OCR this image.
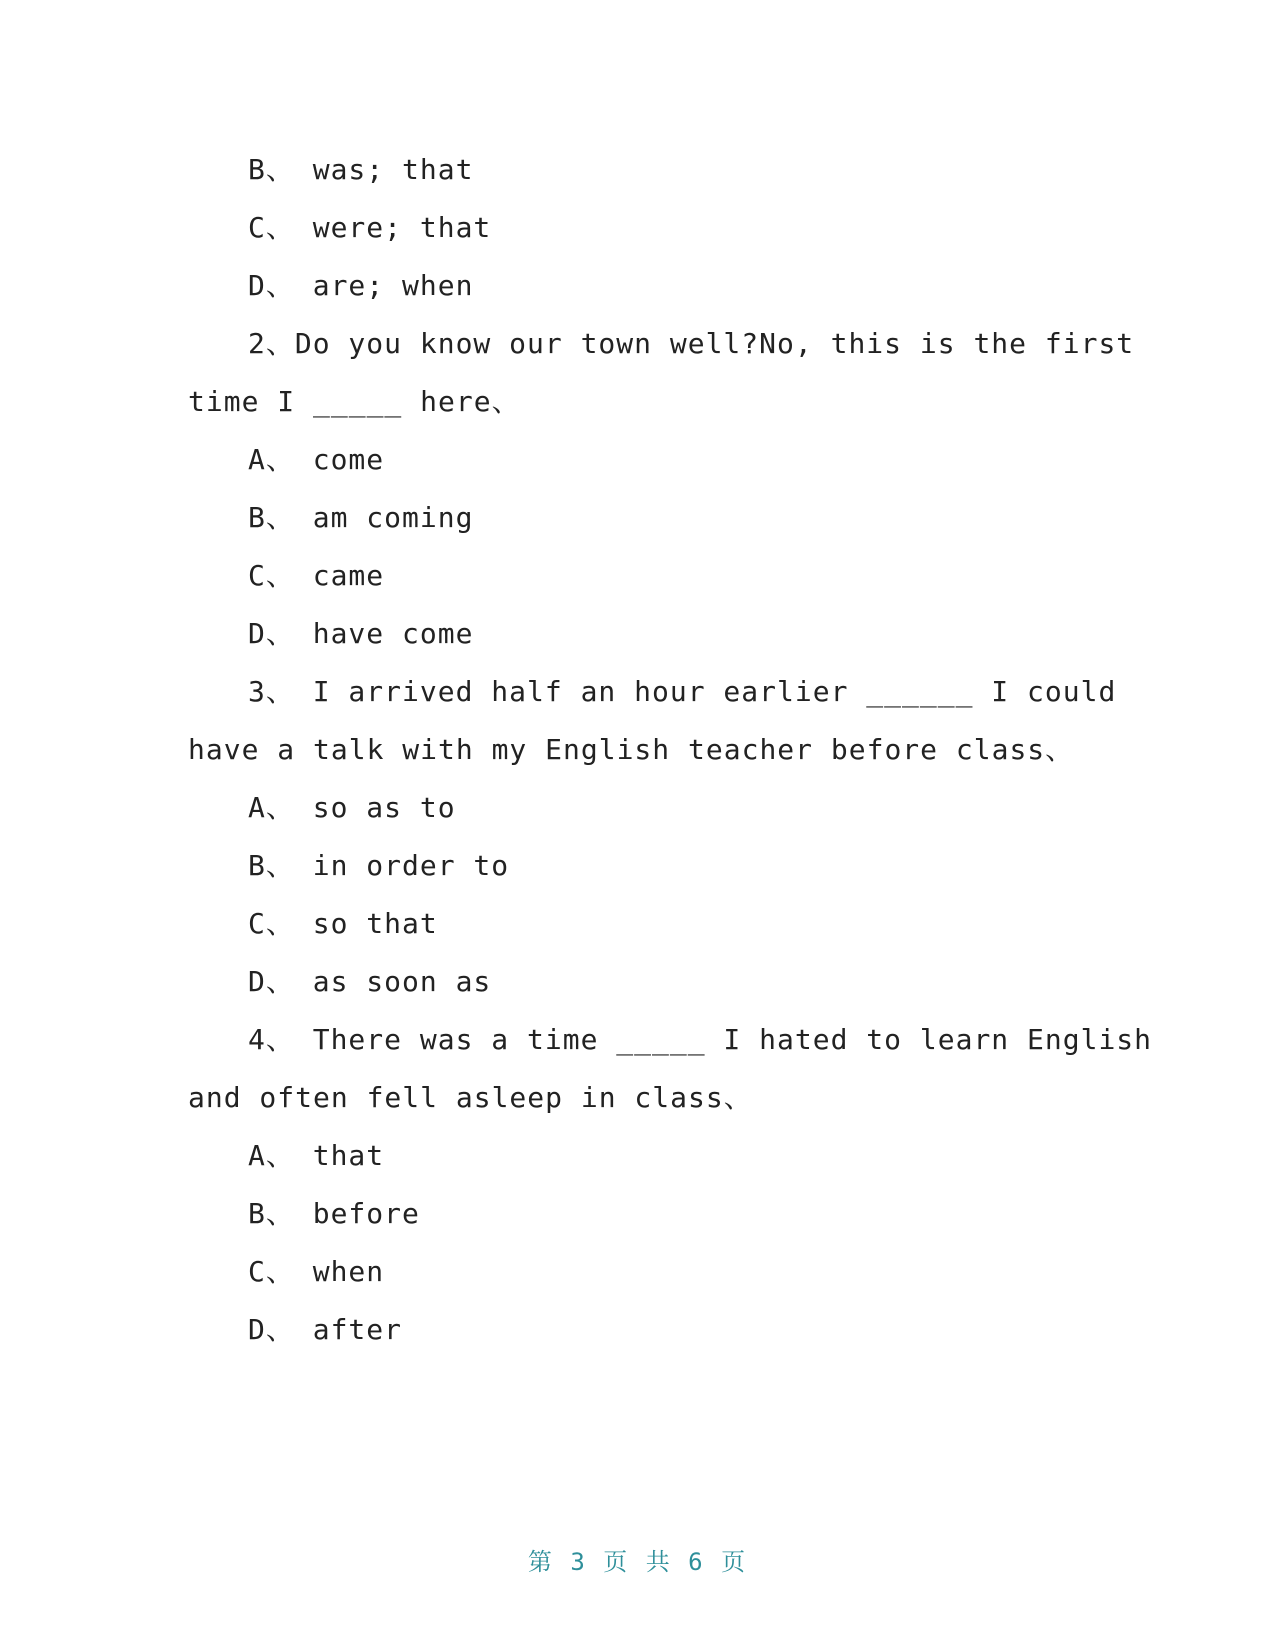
B、 was; that
C、 were; that
D、 are; when
2、Do you know our town well?No, this is the first
time I _____ here、
A、 come
B、 am coming
C、 came
D、 have come
3、 I arrived half an hour earlier ______ I could
have a talk with my English teacher before class、
A、 so as to
B、 in order to
C、 so that
D、 as soon as
4、 There was a time _____ I hated to learn English
and often fell asleep in class、
A、 that
B、 before
C、 when
D、 after
第 3 页 共 6 页
